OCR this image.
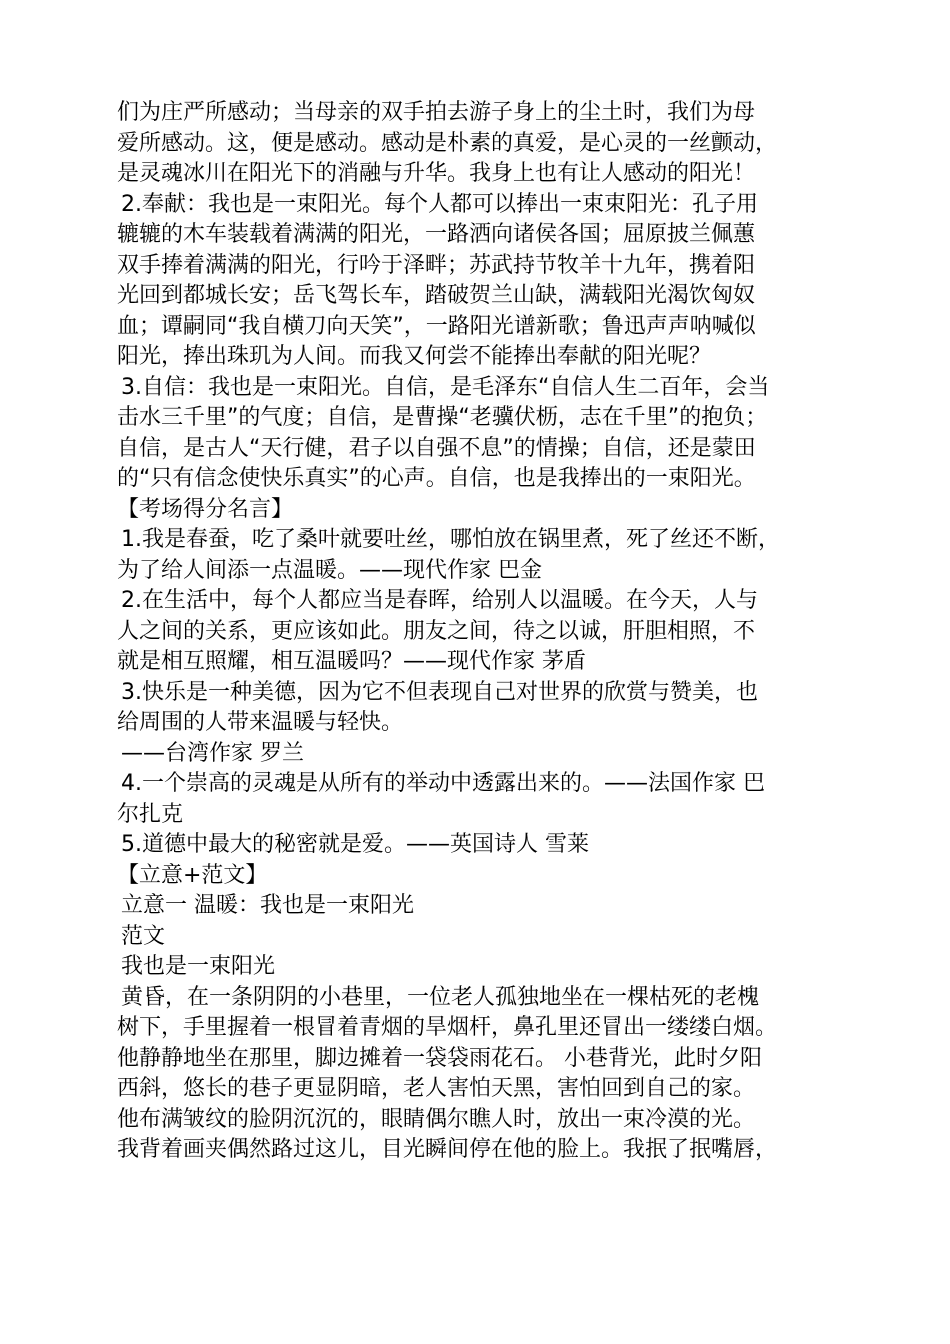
们为庄严所感动；当母亲的双手拍去游子身上的尘土时，我们为母
爱所感动。这，便是感动。感动是朴素的真爱，是心灵的一丝颤动，
是灵魂冰川在阳光下的消融与升华。我身上也有让人感动的阳光！
2.奉献：我也是一束阳光。每个人都可以捧出一束束阳光：孔子用
辘辘的木车装载着满满的阳光，一路洒向诸侯各国；屈原披兰佩蕙
双手捧着满满的阳光，行吟于泽畔；苏武持节牧羊十九年，携着阳
光回到都城长安；岳飞驾长车，踏破贺兰山缺，满载阳光渴饮匈奴
血；谭嗣同“我自横刀向天笑”，一路阳光谱新歌；鲁迅声声呐喊似
阳光，捧出珠玑为人间。而我又何尝不能捧出奉献的阳光呢？
3.自信：我也是一束阳光。自信，是毛泽东“自信人生二百年，会当
击水三千里”的气度；自信，是曹操“老骥伏枥，志在千里”的抱负；
自信，是古人“天行健，君子以自强不息”的情操；自信，还是蒙田
的“只有信念使快乐真实”的心声。自信，也是我捧出的一束阳光。
【考场得分名言】
1.我是春蚕，吃了桑叶就要吐丝，哪怕放在锅里煮，死了丝还不断，
为了给人间添一点温暖。——现代作家 巴金
2.在生活中，每个人都应当是春晖，给别人以温暖。在今天，人与
人之间的关系，更应该如此。朋友之间，待之以诚，肝胆相照，不
就是相互照耀，相互温暖吗？——现代作家 茅盾
3.快乐是一种美德，因为它不但表现自己对世界的欣赏与赞美，也
给周围的人带来温暖与轻快。
——台湾作家 罗兰
4.一个崇高的灵魂是从所有的举动中透露出来的。——法国作家 巴
尔扎克
5.道德中最大的秘密就是爱。——英国诗人 雪莱
【立意+范文】
立意一 温暖：我也是一束阳光
范文
我也是一束阳光
黄昏，在一条阴阴的小巷里，一位老人孤独地坐在一棵枯死的老槐
树下，手里握着一根冒着青烟的旱烟杆，鼻孔里还冒出一缕缕白烟。
他静静地坐在那里，脚边摊着一袋袋雨花石。 小巷背光，此时夕阳
西斜，悠长的巷子更显阴暗，老人害怕天黑，害怕回到自己的家。
他布满皱纹的脸阴沉沉的，眼睛偶尔瞧人时，放出一束冷漠的光。
我背着画夹偶然路过这儿，目光瞬间停在他的脸上。我抿了抿嘴唇，
